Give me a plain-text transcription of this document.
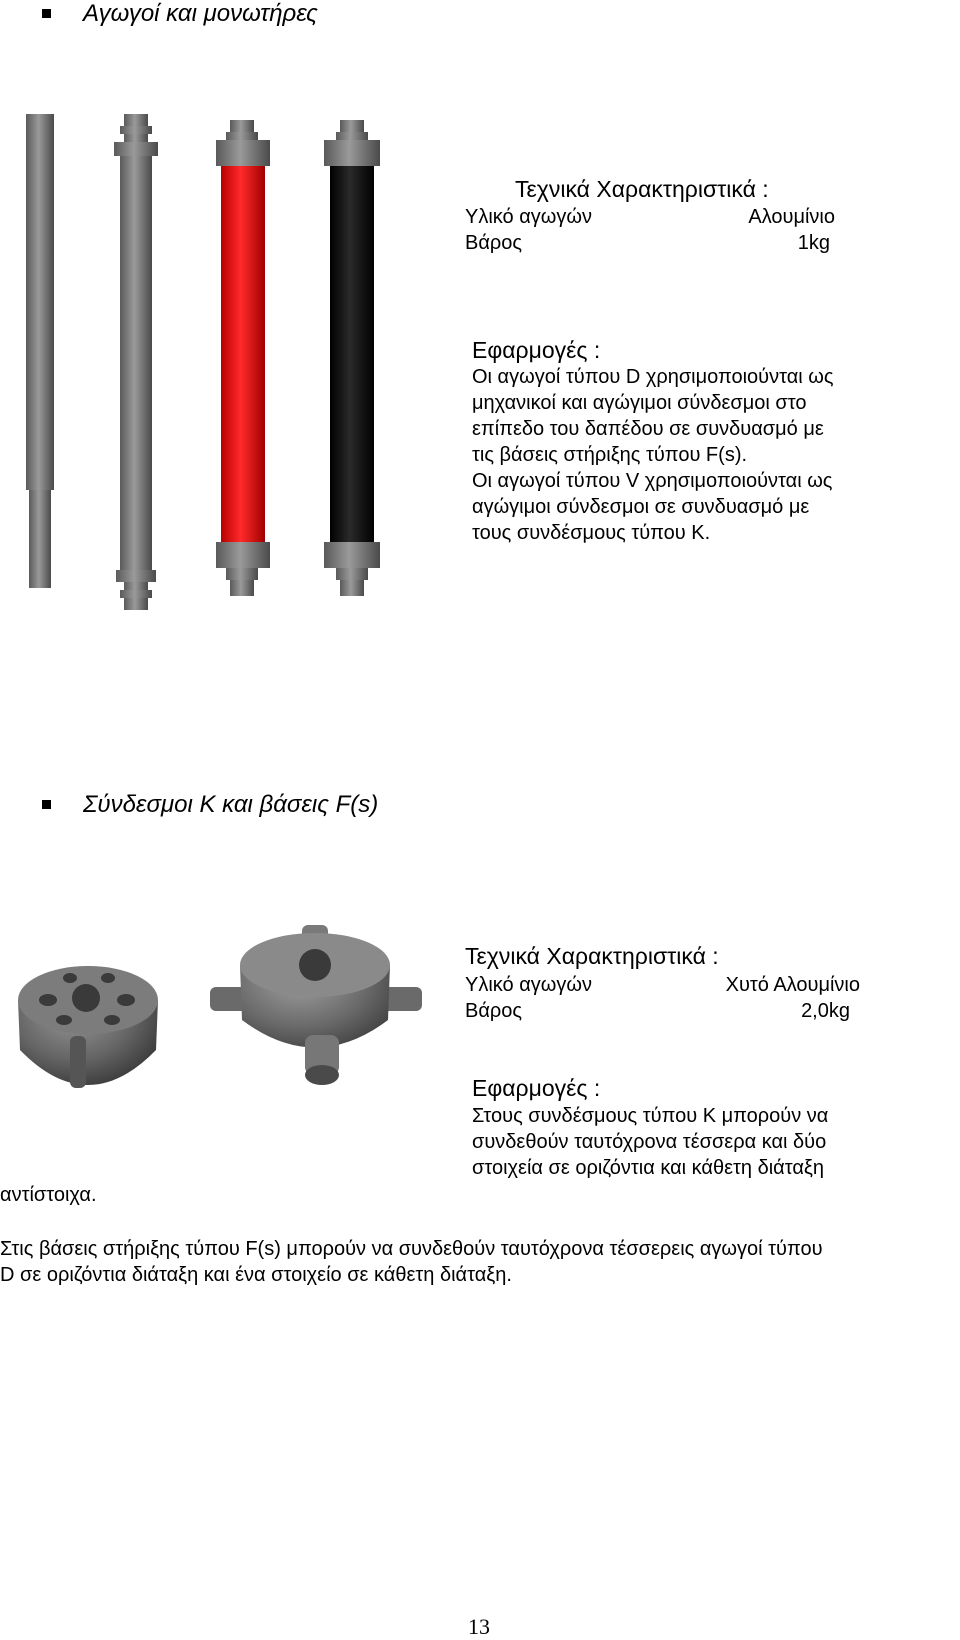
Αγωγοί και μονωτήρες
Τεχνικά Χαρακτηριστικά :
Υλικό αγωγών	Αλουμίνιο
Βάρος	1kg
Εφαρμογές :
Οι αγωγοί τύπου D χρησιμοποιούνται ως
μηχανικοί και αγώγιμοι σύνδεσμοι στο
επίπεδο του δαπέδου σε συνδυασμό με
τις βάσεις στήριξης τύπου F(s).
Οι αγωγοί τύπου V χρησιμοποιούνται ως
αγώγιμοι σύνδεσμοι σε συνδυασμό με
τους συνδέσμους τύπου Κ.
Σύνδεσμοι Κ και βάσεις F(s)
Τεχνικά Χαρακτηριστικά :
Υλικό αγωγών	Χυτό Αλουμίνιο
Βάρος	2,0kg
Εφαρμογές :
Στους συνδέσμους τύπου Κ μπορούν να
συνδεθούν ταυτόχρονα τέσσερα και δύο
στοιχεία σε οριζόντια και κάθετη διάταξη
αντίστοιχα.
Στις βάσεις στήριξης τύπου F(s) μπορούν να συνδεθούν ταυτόχρονα τέσσερεις αγωγοί τύπου
D σε οριζόντια διάταξη και ένα στοιχείο σε κάθετη διάταξη.
13
